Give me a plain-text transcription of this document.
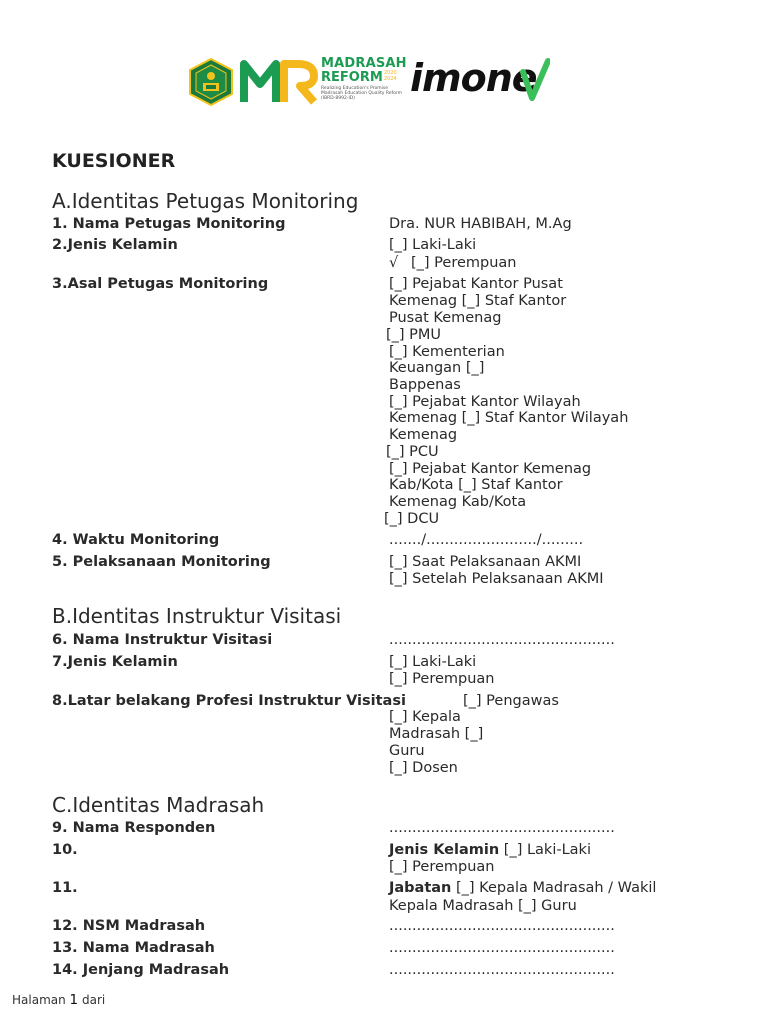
MADRASAH
REFORM 2020 2024
Realizing Education's Promise Madrasah Education Quality Reform (IBRD-8992-ID)	imone
KUESIONER
A.Identitas Petugas Monitoring
1. Nama Petugas Monitoring	Dra. NUR HABIBAH, M.Ag
2.Jenis Kelamin	[_] Laki-Laki
√ [_] Perempuan
3.Asal Petugas Monitoring	[_] Pejabat Kantor Pusat
Kemenag [_] Staf Kantor
Pusat Kemenag
[_] PMU
[_] Kementerian
Keuangan [_]
Bappenas
[_] Pejabat Kantor Wilayah
Kemenag [_] Staf Kantor Wilayah
Kemenag
[_] PCU
[_] Pejabat Kantor Kemenag
Kab/Kota [_] Staf Kantor
Kemenag Kab/Kota
[_] DCU
4. Waktu Monitoring	......./......................../.........
5. Pelaksanaan Monitoring	[_] Saat Pelaksanaan AKMI
[_] Setelah Pelaksanaan AKMI
B.Identitas Instruktur Visitasi
6. Nama Instruktur Visitasi	.................................................
7.Jenis Kelamin	[_] Laki-Laki
[_] Perempuan
8.Latar belakang Profesi Instruktur Visitasi	[_] Pengawas
[_] Kepala
Madrasah [_]
Guru
[_] Dosen
C.Identitas Madrasah
9. Nama Responden	.................................................
10.	Jenis Kelamin [_] Laki-Laki
[_] Perempuan
11.	Jabatan [_] Kepala Madrasah / Wakil
Kepala Madrasah [_] Guru
12. NSM Madrasah	.................................................
13. Nama Madrasah	.................................................
14. Jenjang Madrasah	.................................................
Halaman 1 dari
